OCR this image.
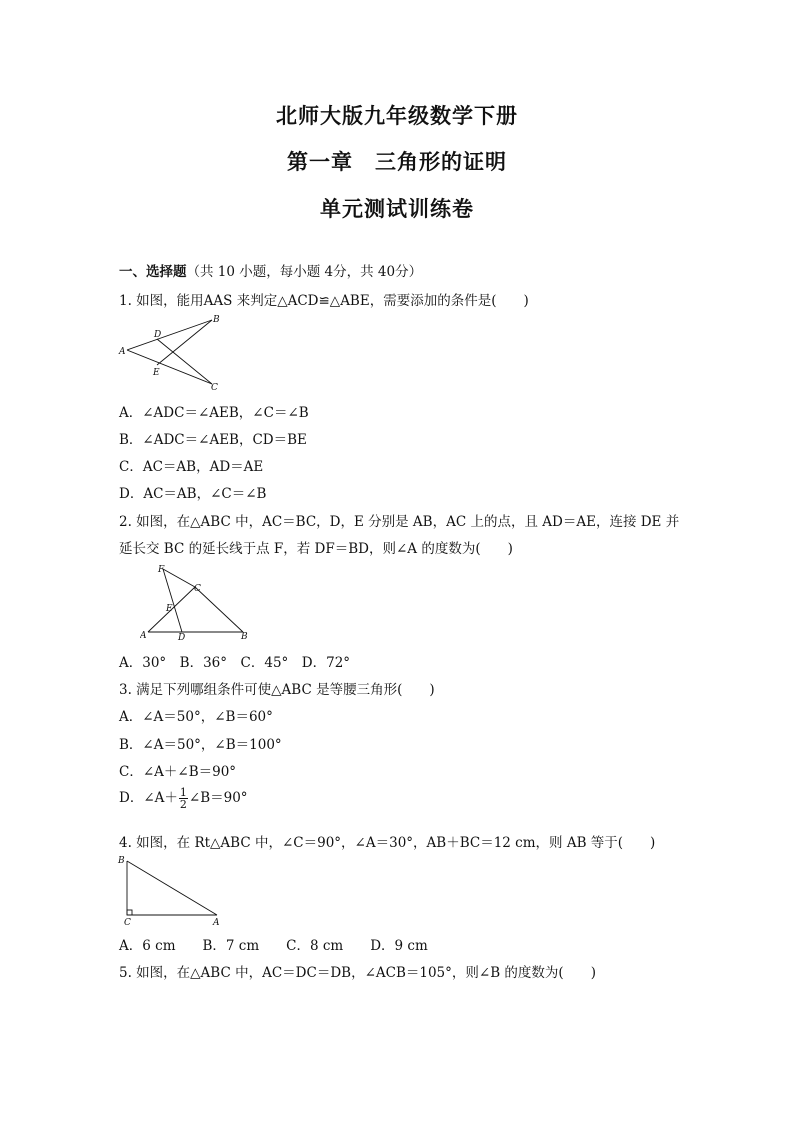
北师大版九年级数学下册
第一章　三角形的证明
单元测试训练卷
一、选择题（共 10 小题，每小题 4分，共 40分）
1. 如图，能用AAS 来判定△ACD≌△ABE，需要添加的条件是(　　)
A
B
C
D
E
A．∠ADC＝∠AEB，∠C＝∠B
B．∠ADC＝∠AEB，CD＝BE
C．AC＝AB，AD＝AE
D．AC＝AB，∠C＝∠B
2. 如图，在△ABC 中，AC＝BC，D，E 分别是 AB，AC 上的点，且 AD＝AE，连接 DE 并
延长交 BC 的延长线于点 F，若 DF＝BD，则∠A 的度数为(　　)
A	B
C
D
E
F
A．30°　B．36°　C．45°　D．72°
3. 满足下列哪组条件可使△ABC 是等腰三角形(　　)
A．∠A＝50°，∠B＝60°
B．∠A＝50°，∠B＝100°
C．∠A＋∠B＝90°
D．∠A＋ $\frac{1}{2}$ ∠B＝90°
4. 如图，在 Rt△ABC 中，∠C＝90°，∠A＝30°，AB＋BC＝12 cm，则 AB 等于(　　)
B
C	A
A．6 cm　　B．7 cm　　C．8 cm　　D．9 cm
5. 如图，在△ABC 中，AC＝DC＝DB，∠ACB＝105°，则∠B 的度数为(　　)
